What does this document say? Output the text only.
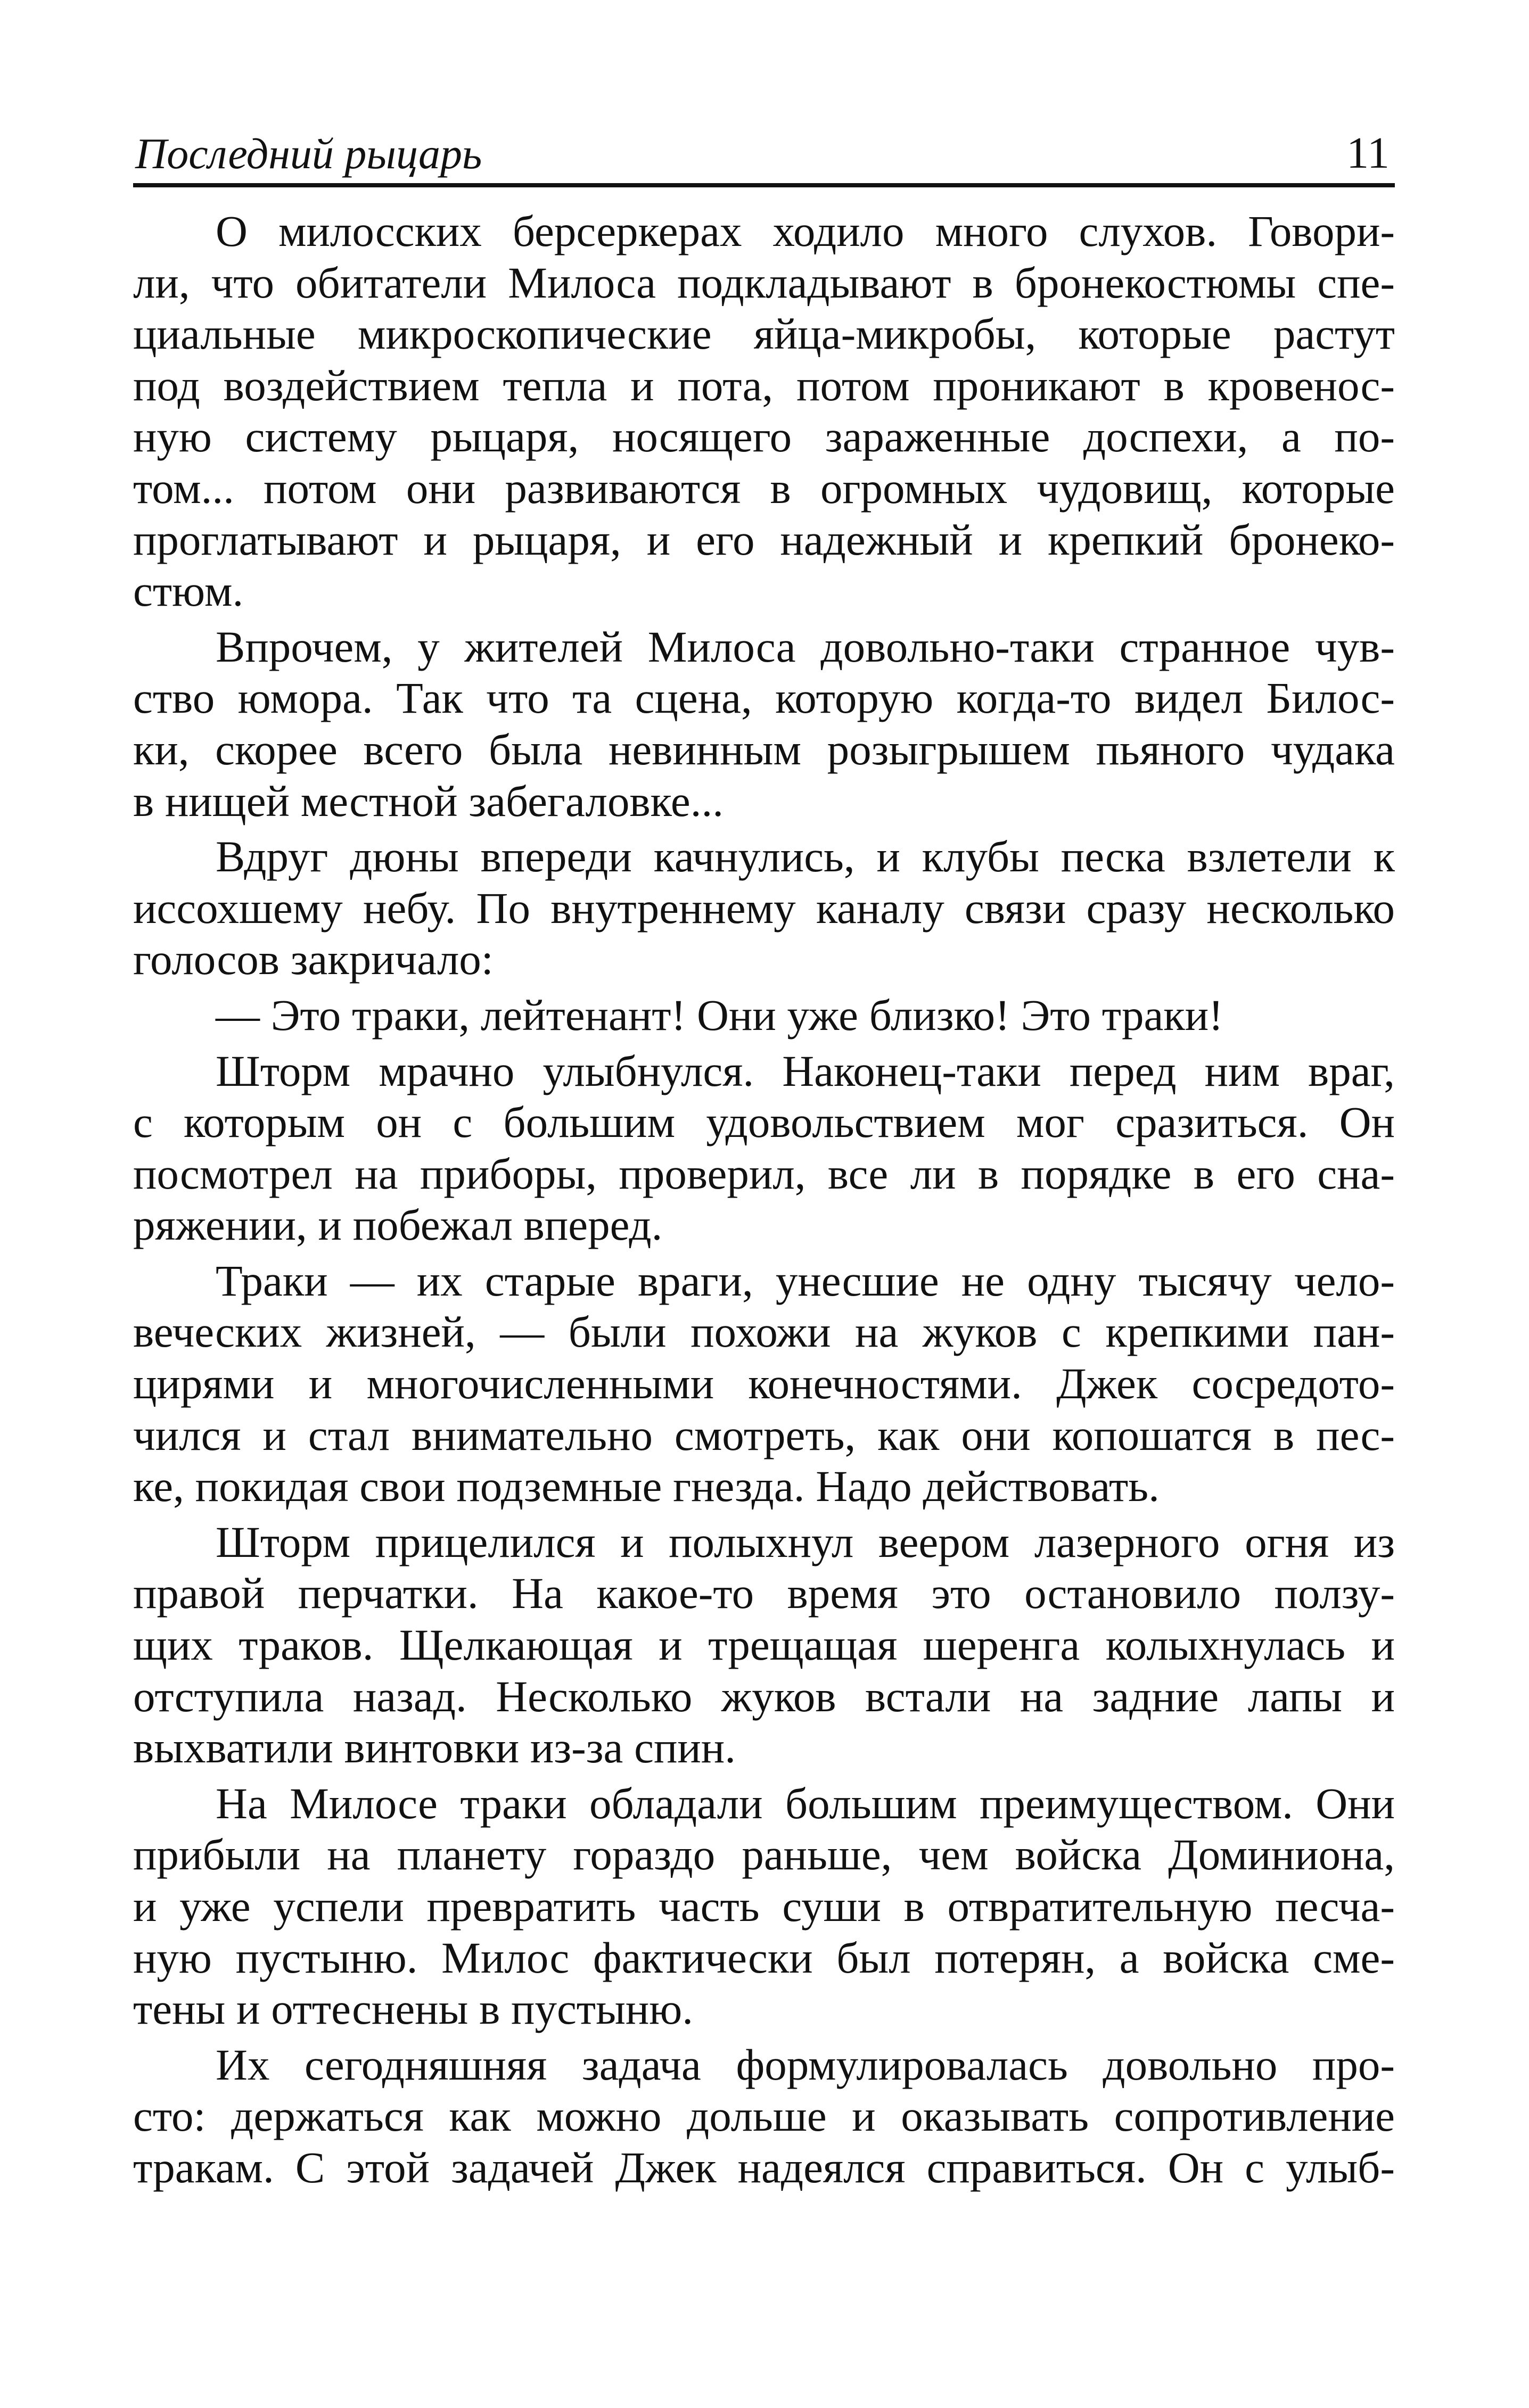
Последний рыцарь	11
О милосских берсеркерах ходило много слухов. Говори-
ли, что обитатели Милоса подкладывают в бронекостюмы спе-
циальные микроскопические яйца-микробы, которые растут
под воздействием тепла и пота, потом проникают в кровенос-
ную систему рыцаря, носящего зараженные доспехи, а по-
том... потом они развиваются в огромных чудовищ, которые
проглатывают и рыцаря, и его надежный и крепкий бронеко-
стюм.
Впрочем, у жителей Милоса довольно-таки странное чув-
ство юмора. Так что та сцена, которую когда-то видел Билос-
ки, скорее всего была невинным розыгрышем пьяного чудака
в нищей местной забегаловке...
Вдруг дюны впереди качнулись, и клубы песка взлетели к
иссохшему небу. По внутреннему каналу связи сразу несколько
голосов закричало:
— Это траки, лейтенант! Они уже близко! Это траки!
Шторм мрачно улыбнулся. Наконец-таки перед ним враг,
с которым он с большим удовольствием мог сразиться. Он
посмотрел на приборы, проверил, все ли в порядке в его сна-
ряжении, и побежал вперед.
Траки — их старые враги, унесшие не одну тысячу чело-
веческих жизней, — были похожи на жуков с крепкими пан-
цирями и многочисленными конечностями. Джек сосредото-
чился и стал внимательно смотреть, как они копошатся в пес-
ке, покидая свои подземные гнезда. Надо действовать.
Шторм прицелился и полыхнул веером лазерного огня из
правой перчатки. На какое-то время это остановило ползу-
щих траков. Щелкающая и трещащая шеренга колыхнулась и
отступила назад. Несколько жуков встали на задние лапы и
выхватили винтовки из-за спин.
На Милосе траки обладали большим преимуществом. Они
прибыли на планету гораздо раньше, чем войска Доминиона,
и уже успели превратить часть суши в отвратительную песча-
ную пустыню. Милос фактически был потерян, а войска сме-
тены и оттеснены в пустыню.
Их сегодняшняя задача формулировалась довольно про-
сто: держаться как можно дольше и оказывать сопротивление
тракам. С этой задачей Джек надеялся справиться. Он с улыб-
